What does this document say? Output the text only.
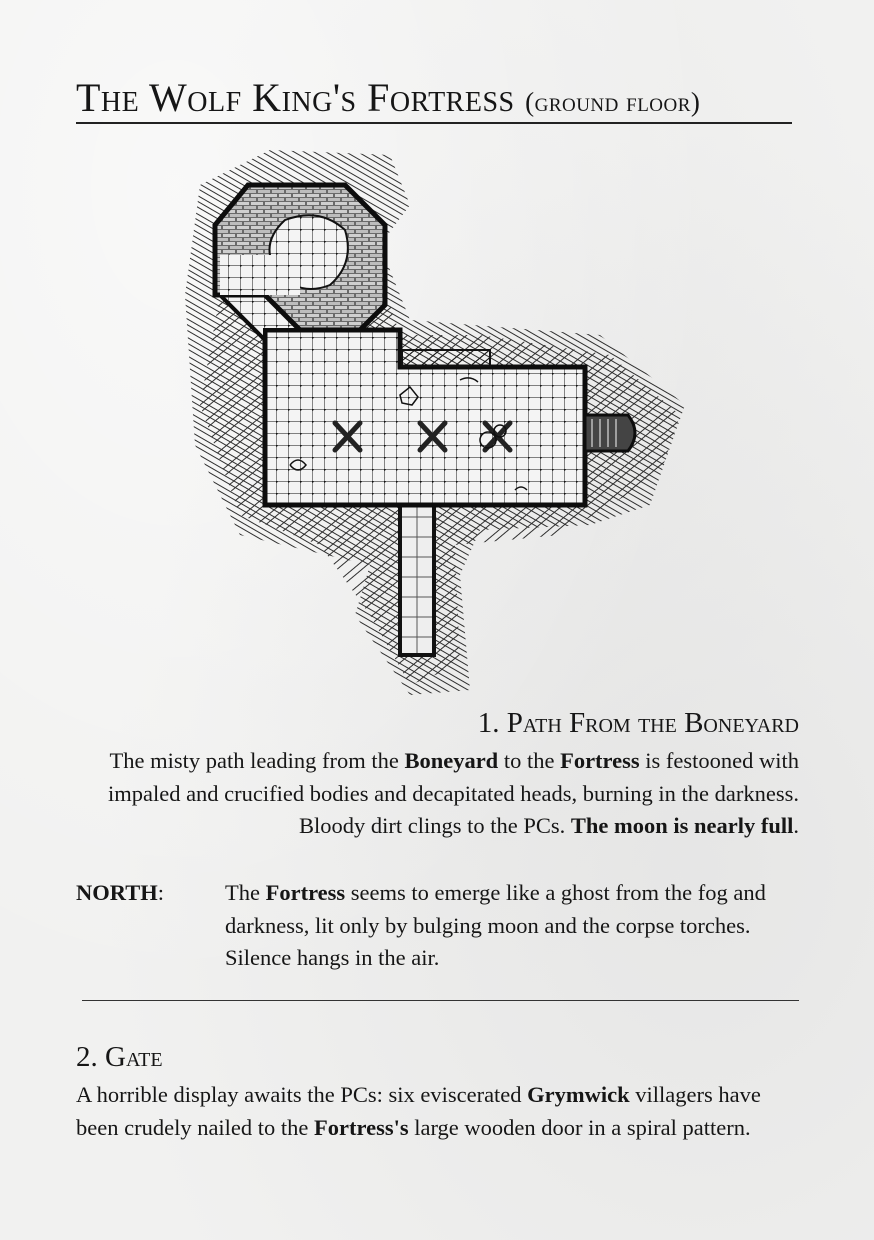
The Wolf King's Fortress (ground floor)
1. Path From the Boneyard

The misty path leading from the Boneyard to the Fortress is festooned with impaled and crucified bodies and decapitated heads, burning in the darkness. Bloody dirt clings to the PCs. The moon is nearly full.

NORTH:	The Fortress seems to emerge like a ghost from the fog and darkness, lit only by bulging moon and the corpse torches. Silence hangs in the air.

2. Gate

A horrible display awaits the PCs: six eviscerated Grymwick villagers have been crudely nailed to the Fortress's large wooden door in a spiral pattern.
